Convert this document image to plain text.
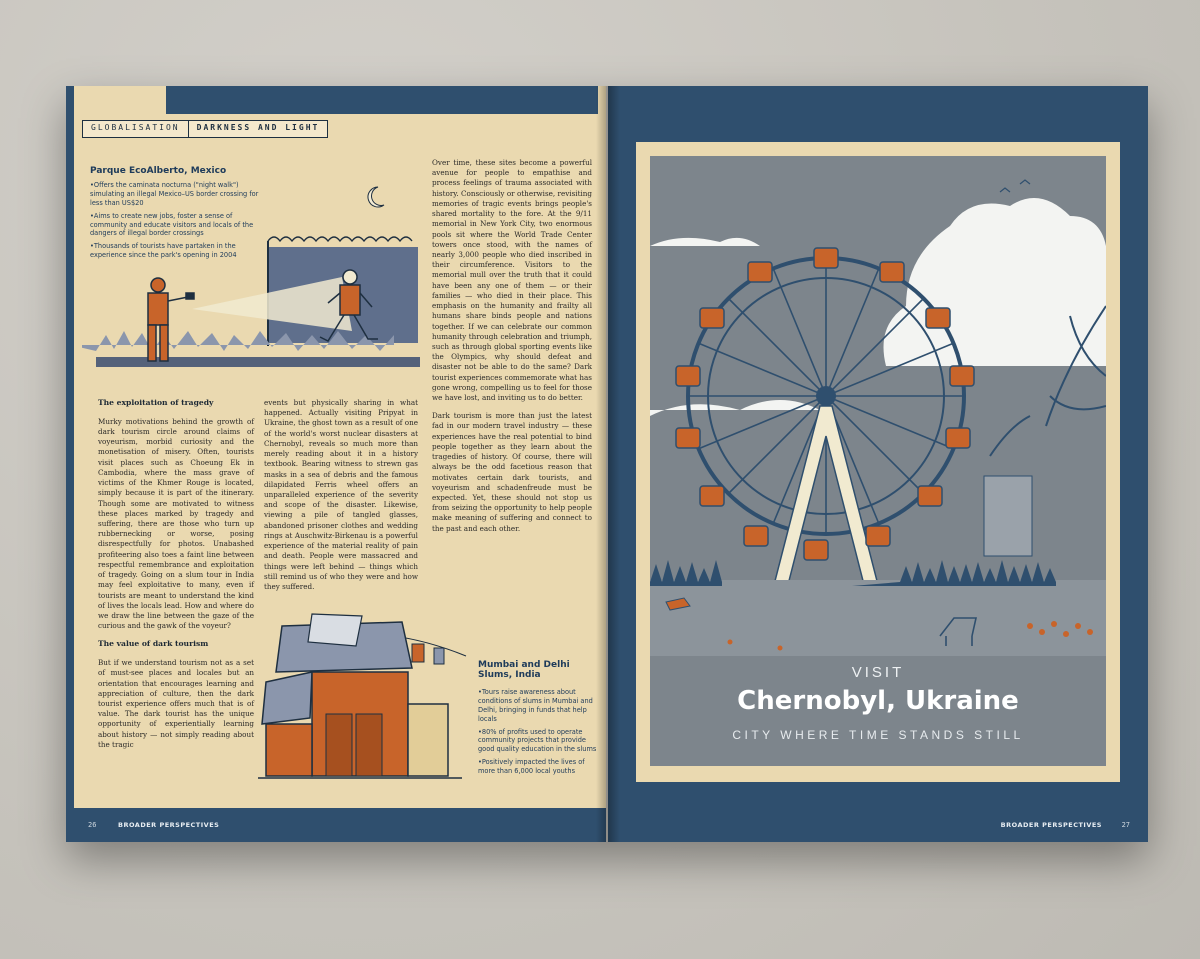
GLOBALISATION	DARKNESS AND LIGHT
Parque EcoAlberto, Mexico
• Offers the caminata nocturna ("night walk") simulating an illegal Mexico–US border crossing for less than US$20
• Aims to create new jobs, foster a sense of community and educate visitors and locals of the dangers of illegal border crossings
• Thousands of tourists have partaken in the experience since the park's opening in 2004
The exploitation of tragedy

Murky motivations behind the growth of dark tourism circle around claims of voyeurism, morbid curiosity and the monetisation of misery. Often, tourists visit places such as Choeung Ek in Cambodia, where the mass grave of victims of the Khmer Rouge is located, simply because it is part of the itinerary. Though some are motivated to witness these places marked by tragedy and suffering, there are those who turn up rubbernecking or worse, posing disrespectfully for photos. Unabashed profiteering also toes a faint line between respectful remembrance and exploitation of tragedy. Going on a slum tour in India may feel exploitative to many, even if tourists are meant to understand the kind of lives the locals lead. How and where do we draw the line between the gaze of the curious and the gawk of the voyeur?

The value of dark tourism

But if we understand tourism not as a set of must-see places and locales but an orientation that encourages learning and appreciation of culture, then the dark tourist experience offers much that is of value. The dark tourist has the unique opportunity of experientially learning about history — not simply reading about the tragic

events but physically sharing in what happened. Actually visiting Pripyat in Ukraine, the ghost town as a result of one of the world's worst nuclear disasters at Chernobyl, reveals so much more than merely reading about it in a history textbook. Bearing witness to strewn gas masks in a sea of debris and the famous dilapidated Ferris wheel offers an unparalleled experience of the severity and scope of the disaster. Likewise, viewing a pile of tangled glasses, abandoned prisoner clothes and wedding rings at Auschwitz-Birkenau is a powerful experience of the material reality of pain and death. People were massacred and things were left behind — things which still remind us of who they were and how they suffered.

Over time, these sites become a powerful avenue for people to empathise and process feelings of trauma associated with history. Consciously or otherwise, revisiting memories of tragic events brings people's shared mortality to the fore. At the 9/11 memorial in New York City, two enormous pools sit where the World Trade Center towers once stood, with the names of nearly 3,000 people who died inscribed in their circumference. Visitors to the memorial mull over the truth that it could have been any one of them — or their families — who died in their place. This emphasis on the humanity and frailty all humans share binds people and nations together. If we can celebrate our common humanity through celebration and triumph, such as through global sporting events like the Olympics, why should defeat and disaster not be able to do the same? Dark tourist experiences commemorate what has gone wrong, compelling us to feel for those we have lost, and inviting us to do better.

Dark tourism is more than just the latest fad in our modern travel industry — these experiences have the real potential to bind people together as they learn about the tragedies of history. Of course, there will always be the odd facetious reason that motivates certain dark tourists, and voyeurism and schadenfreude must be expected. Yet, these should not stop us from seizing the opportunity to help people make meaning of suffering and connect to the past and each other.

Mumbai and Delhi Slums, India
• Tours raise awareness about conditions of slums in Mumbai and Delhi, bringing in funds that help locals
• 80% of profits used to operate community projects that provide good quality education in the slums
• Positively impacted the lives of more than 6,000 local youths
26	BROADER PERSPECTIVES
VISIT
Chernobyl, Ukraine
CITY WHERE TIME STANDS STILL
BROADER PERSPECTIVES	27
